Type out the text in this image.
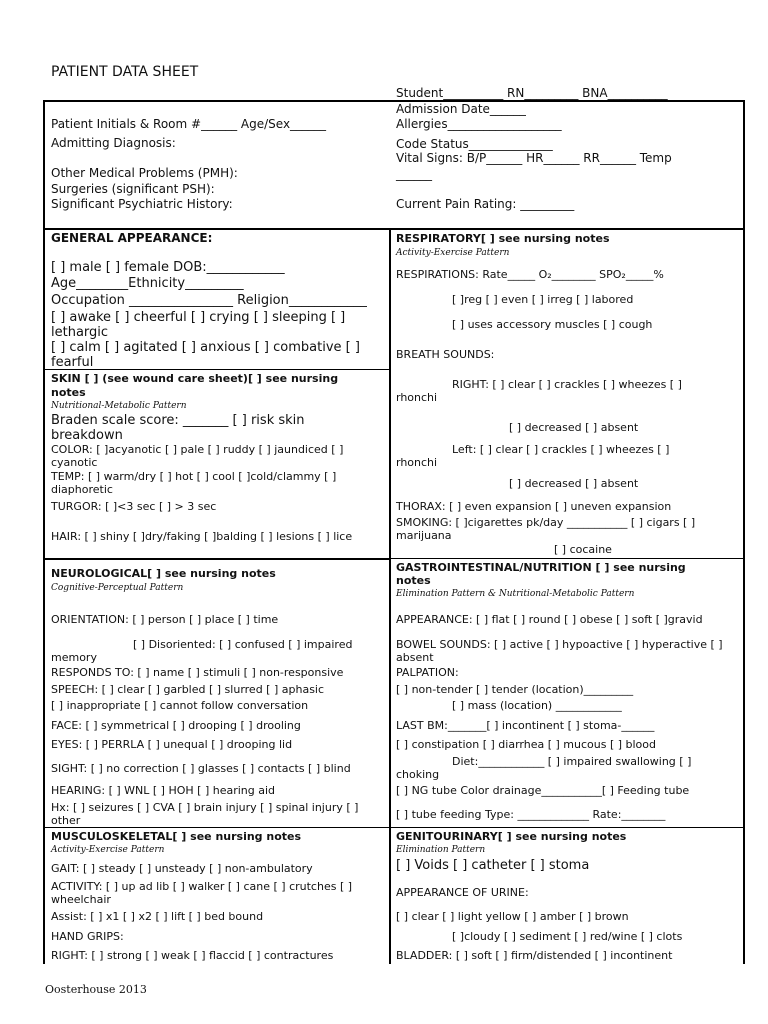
PATIENT DATA SHEET
Student__________ RN_________ BNA__________
Patient Initials & Room #______ Age/Sex______
Admitting Diagnosis:
Other Medical Problems (PMH):
Surgeries (significant PSH):
Significant Psychiatric History:
Admission Date______
Allergies___________________
Code Status______________
Vital Signs: B/P______ HR______ RR______ Temp
______
Current Pain Rating: _________
GENERAL APPEARANCE:
[ ] male [ ] female DOB:____________
Age________Ethnicity_________
Occupation ________________ Religion____________
[ ] awake [ ] cheerful [ ] crying [ ] sleeping [ ]
lethargic
[ ] calm [ ] agitated [ ] anxious [ ] combative [ ]
fearful
SKIN [ ] (see wound care sheet)[ ] see nursing
notes
Nutritional-Metabolic Pattern
Braden scale score: _______ [ ] risk skin
breakdown
COLOR: [ ]acyanotic [ ] pale [ ] ruddy [ ] jaundiced [ ]
cyanotic
TEMP: [ ] warm/dry [ ] hot [ ] cool [ ]cold/clammy [ ]
diaphoretic
TURGOR: [ ]<3 sec [ ] > 3 sec
HAIR: [ ] shiny [ ]dry/faking [ ]balding [ ] lesions [ ] lice
NEUROLOGICAL[ ] see nursing notes
Cognitive-Perceptual Pattern
ORIENTATION: [ ] person [ ] place [ ] time
[ ] Disoriented: [ ] confused [ ] impaired
memory
RESPONDS TO: [ ] name [ ] stimuli [ ] non-responsive
SPEECH: [ ] clear [ ] garbled [ ] slurred [ ] aphasic
[ ] inappropriate [ ] cannot follow conversation
FACE: [ ] symmetrical [ ] drooping [ ] drooling
EYES: [ ] PERRLA [ ] unequal [ ] drooping lid
SIGHT: [ ] no correction [ ] glasses [ ] contacts [ ] blind
HEARING: [ ] WNL [ ] HOH [ ] hearing aid
Hx: [ ] seizures [ ] CVA [ ] brain injury [ ] spinal injury [ ]
other
MUSCULOSKELETAL[ ] see nursing notes
Activity-Exercise Pattern
GAIT: [ ] steady [ ] unsteady [ ] non-ambulatory
ACTIVITY: [ ] up ad lib [ ] walker [ ] cane [ ] crutches [ ]
wheelchair
Assist: [ ] x1 [ ] x2 [ ] lift [ ] bed bound
HAND GRIPS:
RIGHT: [ ] strong [ ] weak [ ] flaccid [ ] contractures
RESPIRATORY[ ] see nursing notes
Activity-Exercise Pattern
RESPIRATIONS: Rate_____ O₂________ SPO₂_____%
[ ]reg [ ] even [ ] irreg [ ] labored
[ ] uses accessory muscles [ ] cough
BREATH SOUNDS:
RIGHT: [ ] clear [ ] crackles [ ] wheezes [ ]
rhonchi
[ ] decreased [ ] absent
Left: [ ] clear [ ] crackles [ ] wheezes [ ]
rhonchi
[ ] decreased [ ] absent
THORAX: [ ] even expansion [ ] uneven expansion
SMOKING: [ ]cigarettes pk/day ___________ [ ] cigars [ ]
marijuana
[ ] cocaine
GASTROINTESTINAL/NUTRITION [ ] see nursing
notes
Elimination Pattern & Nutritional-Metabolic Pattern
APPEARANCE: [ ] flat [ ] round [ ] obese [ ] soft [ ]gravid
BOWEL SOUNDS: [ ] active [ ] hypoactive [ ] hyperactive [ ]
absent
PALPATION:
[ ] non-tender [ ] tender (location)_________
[ ] mass (location) ____________
LAST BM:_______[ ] incontinent [ ] stoma-______
[ ] constipation [ ] diarrhea [ ] mucous [ ] blood
Diet:____________ [ ] impaired swallowing [ ]
choking
[ ] NG tube Color drainage___________[ ] Feeding tube
[ ] tube feeding Type: _____________ Rate:________
GENITOURINARY[ ] see nursing notes
Elimination Pattern
[ ] Voids [ ] catheter [ ] stoma
APPEARANCE OF URINE:
[ ] clear [ ] light yellow [ ] amber [ ] brown
[ ]cloudy [ ] sediment [ ] red/wine [ ] clots
BLADDER: [ ] soft [ ] firm/distended [ ] incontinent
Oosterhouse 2013
